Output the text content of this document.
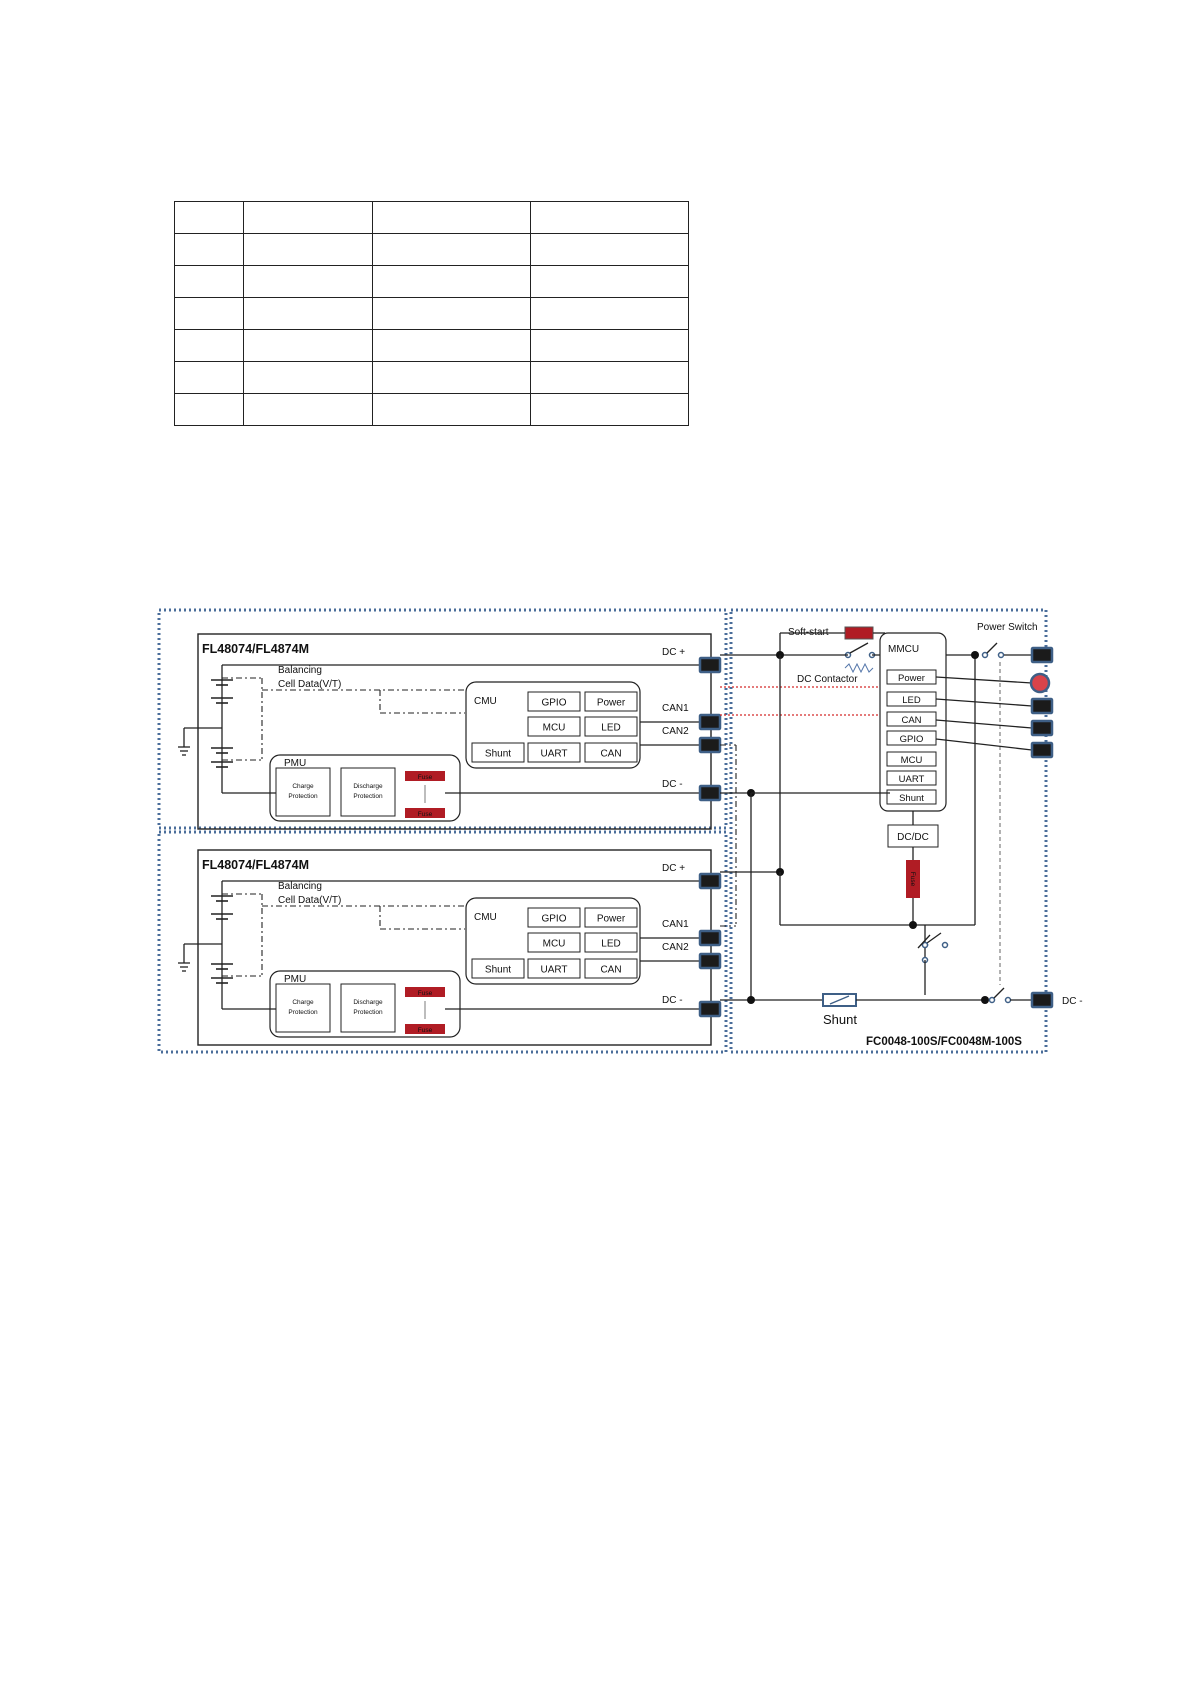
FL48074/FL4874M
Balancing
Cell Data(V/T)
CMU	GPIO	Power
MCU	LED
Shunt	UART	CAN
PMU
Charge
Protection
Discharge
Protection
Fuse
Fuse
DC +
CAN1
CAN2
DC -
FL48074/FL4874M
Balancing
Cell Data(V/T)
CMU	GPIO	Power
MCU	LED
Shunt	UART	CAN
PMU
Charge
Protection
Discharge
Protection
Fuse
Fuse
DC +
CAN1
CAN2
DC -
Soft-start
DC Contactor
Power Switch
MMCU
Power
LED
CAN
GPIO
MCU
UART
Shunt
DC/DC
Fuse
Shunt
DC -
FC0048-100S/FC0048M-100S
